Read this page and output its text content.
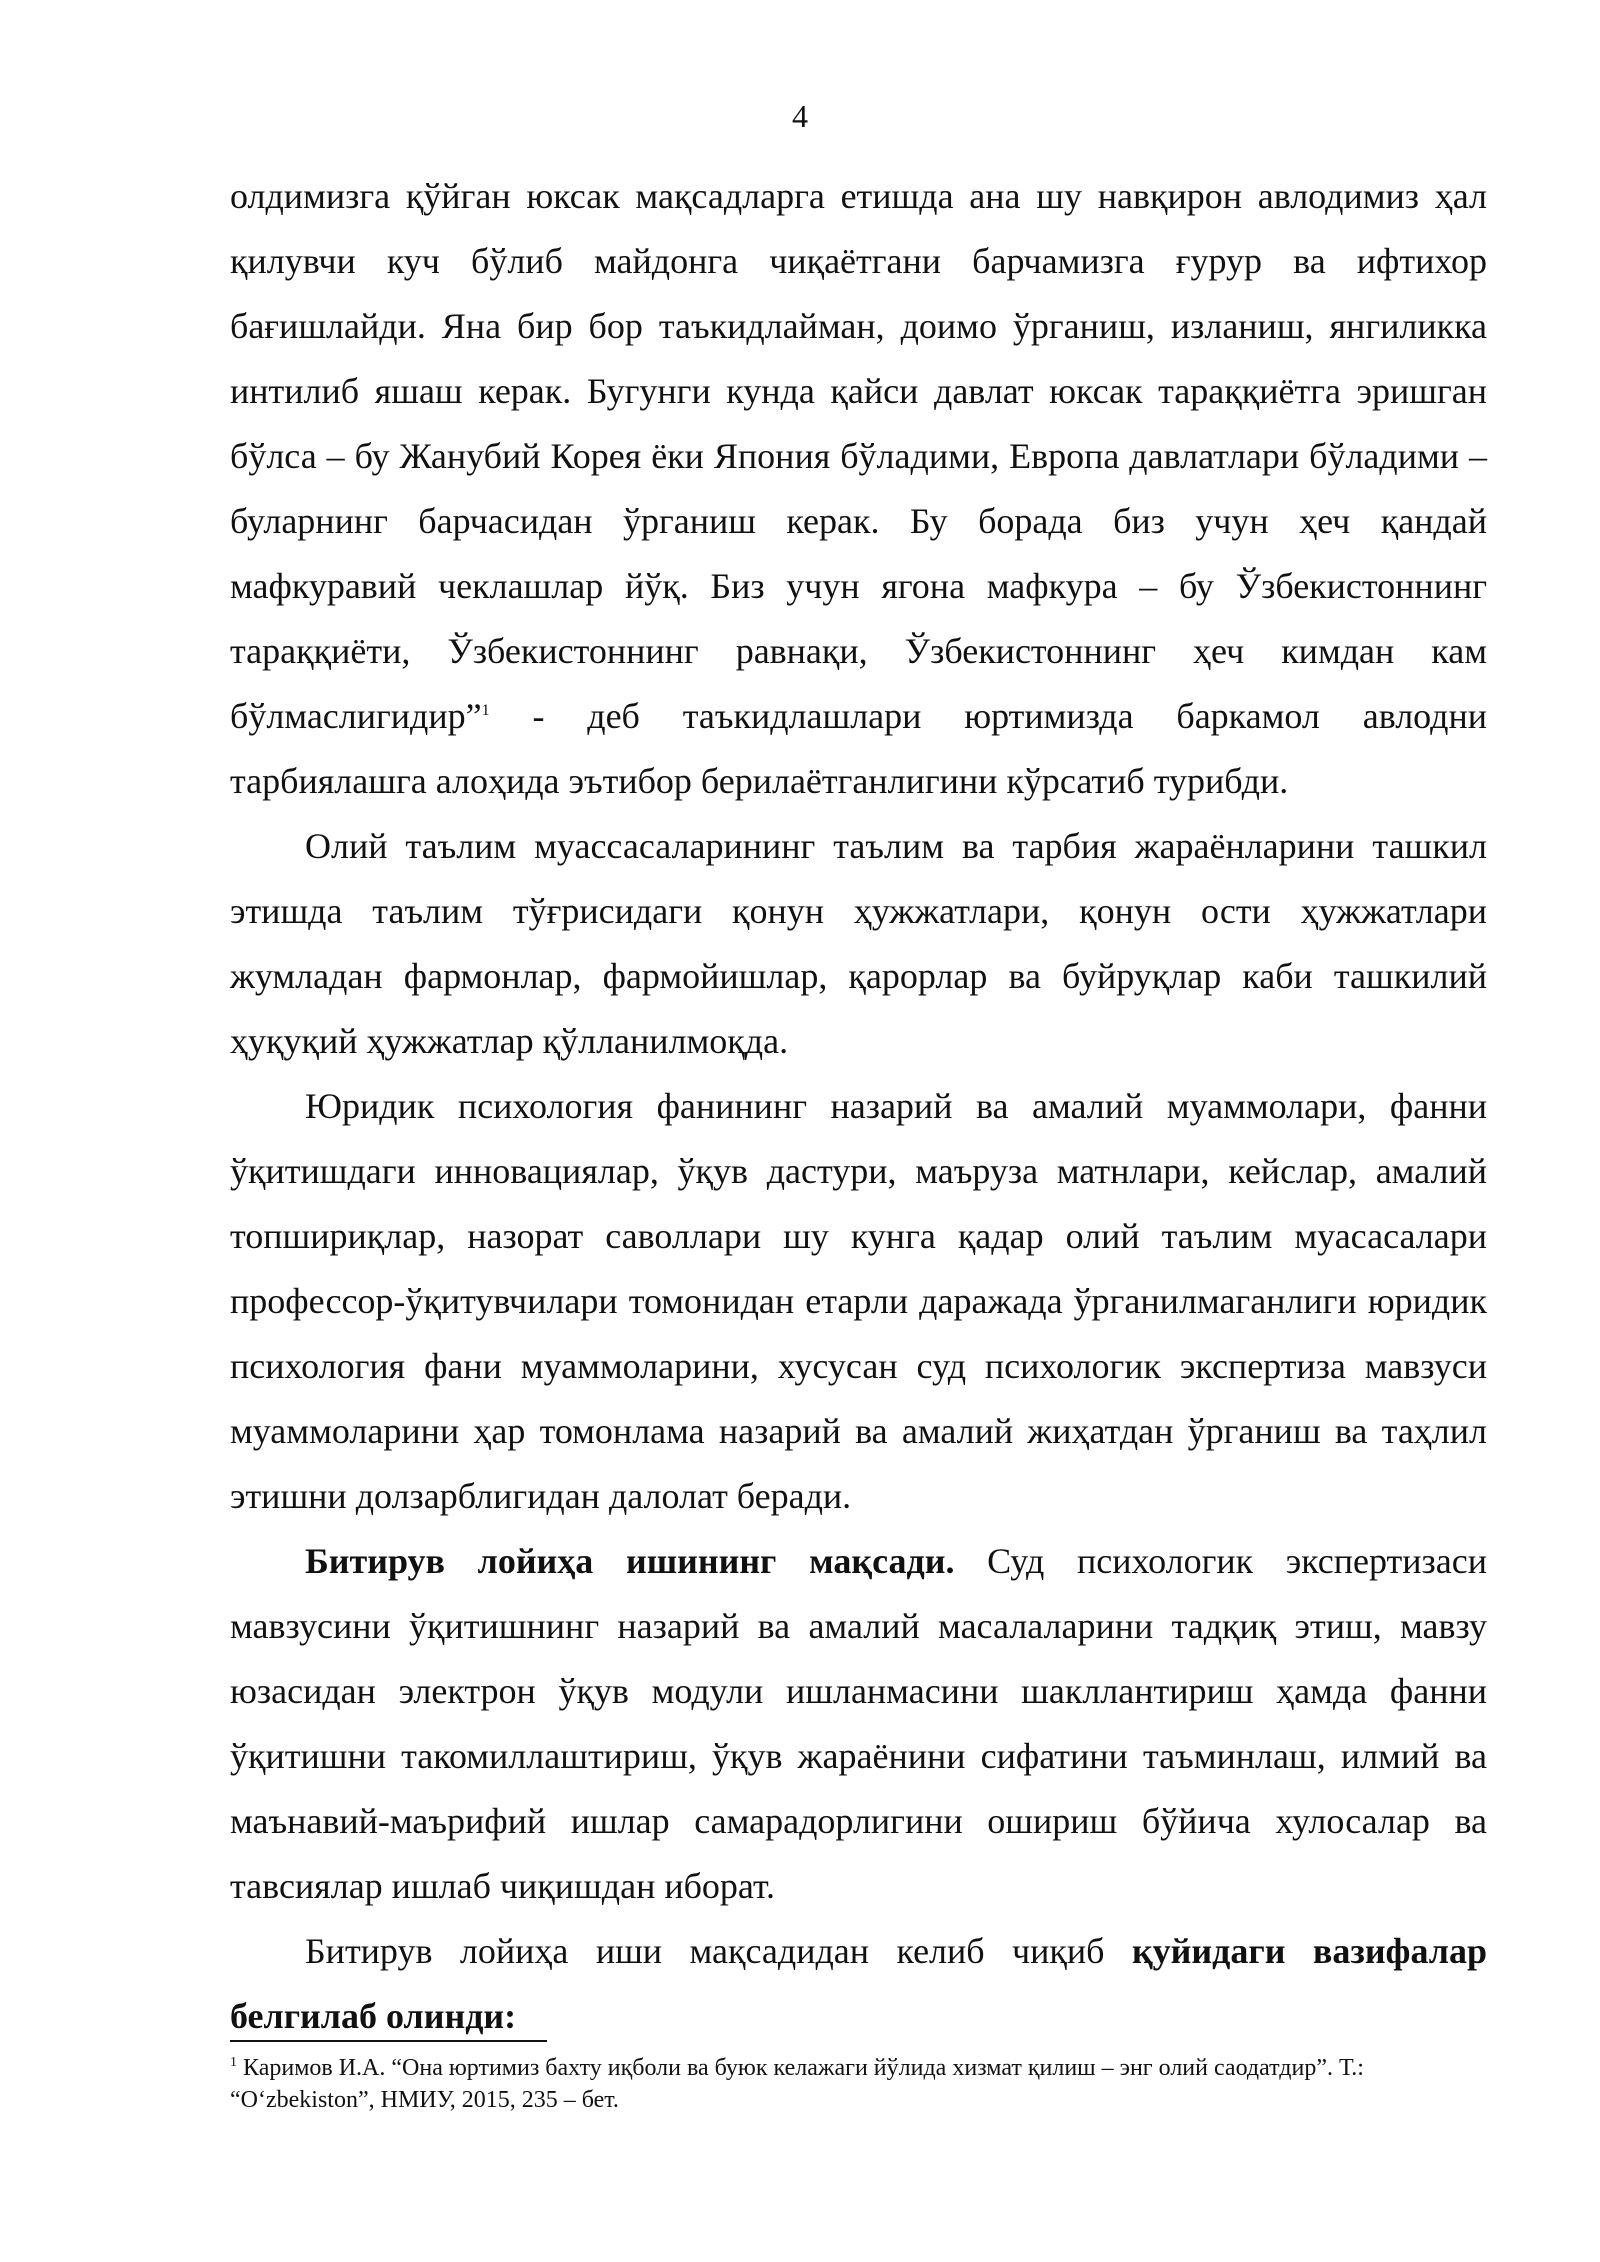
4

олдимизга қўйган юксак мақсадларга етишда ана шу навқирон авлодимиз ҳал қилувчи куч бўлиб майдонга чиқаётгани барчамизга ғурур ва ифтихор бағишлайди. Яна бир бор таъкидлайман, доимо ўрганиш, изланиш, янгиликка интилиб яшаш керак. Бугунги кунда қайси давлат юксак тараққиётга эришган бўлса – бу Жанубий Корея ёки Япония бўладими, Европа давлатлари бўладими – буларнинг барчасидан ўрганиш керак. Бу борада биз учун ҳеч қандай мафкуравий чеклашлар йўқ. Биз учун ягона мафкура – бу Ўзбекистоннинг тараққиёти, Ўзбекистоннинг равнақи, Ўзбекистоннинг ҳеч кимдан кам бўлмаслигидир”$^1$ - деб таъкидлашлари юртимизда баркамол авлодни тарбиялашга алоҳида эътибор берилаётганлигини кўрсатиб турибди.

Олий таълим муассасаларининг таълим ва тарбия жараёнларини ташкил этишда таълим тўғрисидаги қонун ҳужжатлари, қонун ости ҳужжатлари жумладан фармонлар, фармойишлар, қарорлар ва буйруқлар каби ташкилий ҳуқуқий ҳужжатлар қўлланилмоқда.

Юридик психология фанининг назарий ва амалий муаммолари, фанни ўқитишдаги инновациялар, ўқув дастури, маъруза матнлари, кейслар, амалий топшириқлар, назорат саволлари шу кунга қадар олий таълим муасасалари профессор-ўқитувчилари томонидан етарли даражада ўрганилмаганлиги юридик психология фани муаммоларини, хусусан суд психологик экспертиза мавзуси муаммоларини ҳар томонлама назарий ва амалий жиҳатдан ўрганиш ва таҳлил этишни долзарблигидан далолат беради.

Битирув лойиҳа ишининг мақсади. Суд психологик экспертизаси мавзусини ўқитишнинг назарий ва амалий масалаларини тадқиқ этиш, мавзу юзасидан электрон ўқув модули ишланмасини шакллантириш ҳамда фанни ўқитишни такомиллаштириш, ўқув жараёнини сифатини таъминлаш, илмий ва маънавий-маърифий ишлар самарадорлигини ошириш бўйича хулосалар ва тавсиялар ишлаб чиқишдан иборат.

Битирув лойиҳа иши мақсадидан келиб чиқиб қуйидаги вазифалар белгилаб олинди:

$^1$ Каримов И.А. “Она юртимиз бахту иқболи ва буюк келажаги йўлида хизмат қилиш – энг олий саодатдир”. Т.: “O‘zbekiston”, НМИУ, 2015, 235 – бет.
